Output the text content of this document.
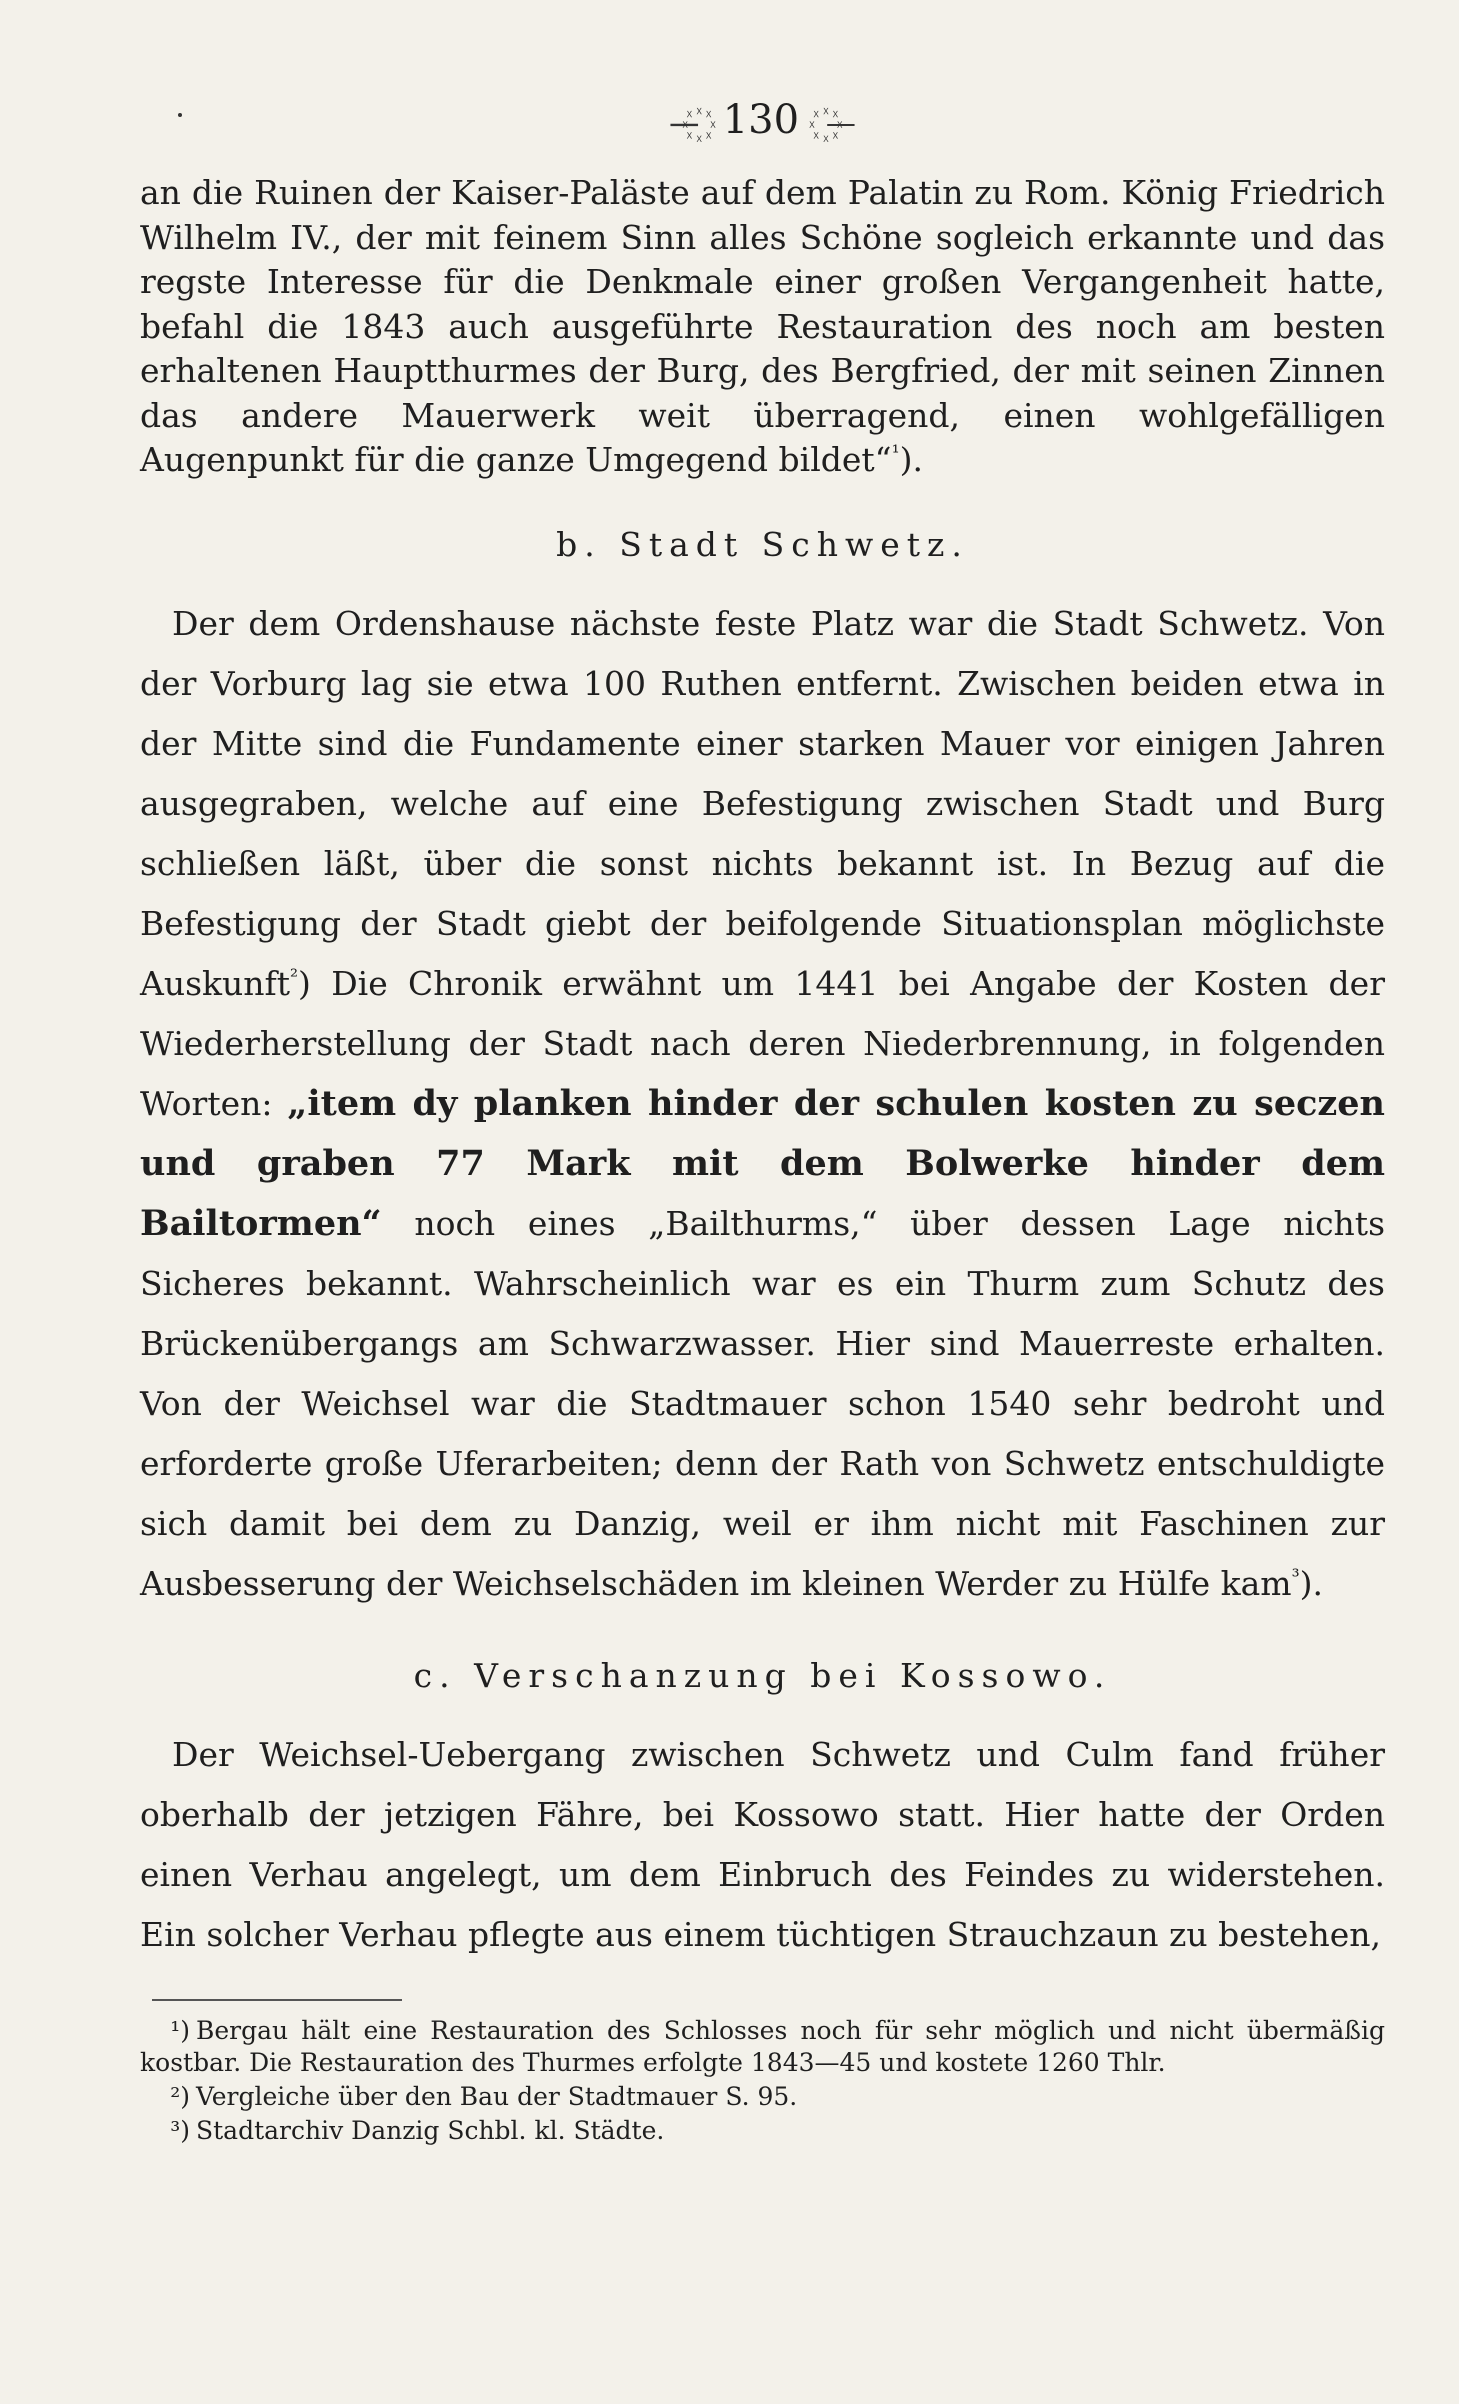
—꙰ 130 ꙰—

an die Ruinen der Kaiser-Paläste auf dem Palatin zu Rom. König Friedrich Wilhelm IV., der mit feinem Sinn alles Schöne sogleich erkannte und das regste Interesse für die Denkmale einer großen Vergangenheit hatte, befahl die 1843 auch ausgeführte Restauration des noch am besten erhaltenen Hauptthurmes der Burg, des Bergfried, der mit seinen Zinnen das andere Mauerwerk weit überragend, einen wohlgefälligen Augenpunkt für die ganze Umgegend bildet“$^{^1}$).

b. Stadt Schwetz.

Der dem Ordenshause nächste feste Platz war die Stadt Schwetz. Von der Vorburg lag sie etwa 100 Ruthen entfernt. Zwischen beiden etwa in der Mitte sind die Fundamente einer starken Mauer vor einigen Jahren ausgegraben, welche auf eine Befestigung zwischen Stadt und Burg schließen läßt, über die sonst nichts bekannt ist. In Bezug auf die Befestigung der Stadt giebt der beifolgende Situationsplan möglichste Auskunft$^{^2}$) Die Chronik erwähnt um 1441 bei Angabe der Kosten der Wiederherstellung der Stadt nach deren Niederbrennung, in folgenden Worten: „item dy planken hinder der schulen kosten zu seczen und graben 77 Mark mit dem Bolwerke hinder dem Bailtormen“ noch eines „Bailthurms,“ über dessen Lage nichts Sicheres bekannt. Wahrscheinlich war es ein Thurm zum Schutz des Brückenübergangs am Schwarzwasser. Hier sind Mauerreste erhalten. Von der Weichsel war die Stadtmauer schon 1540 sehr bedroht und erforderte große Uferarbeiten; denn der Rath von Schwetz entschuldigte sich damit bei dem zu Danzig, weil er ihm nicht mit Faschinen zur Ausbesserung der Weichselschäden im kleinen Werder zu Hülfe kam$^{^3}$).

c. Verschanzung bei Kossowo.

Der Weichsel-Uebergang zwischen Schwetz und Culm fand früher oberhalb der jetzigen Fähre, bei Kossowo statt. Hier hatte der Orden einen Verhau angelegt, um dem Einbruch des Feindes zu widerstehen. Ein solcher Verhau pflegte aus einem tüchtigen Strauchzaun zu bestehen,

¹) Bergau hält eine Restauration des Schlosses noch für sehr möglich und nicht übermäßig kostbar. Die Restauration des Thurmes erfolgte 1843—45 und kostete 1260 Thlr.
²) Vergleiche über den Bau der Stadtmauer S. 95.
³) Stadtarchiv Danzig Schbl. kl. Städte.
